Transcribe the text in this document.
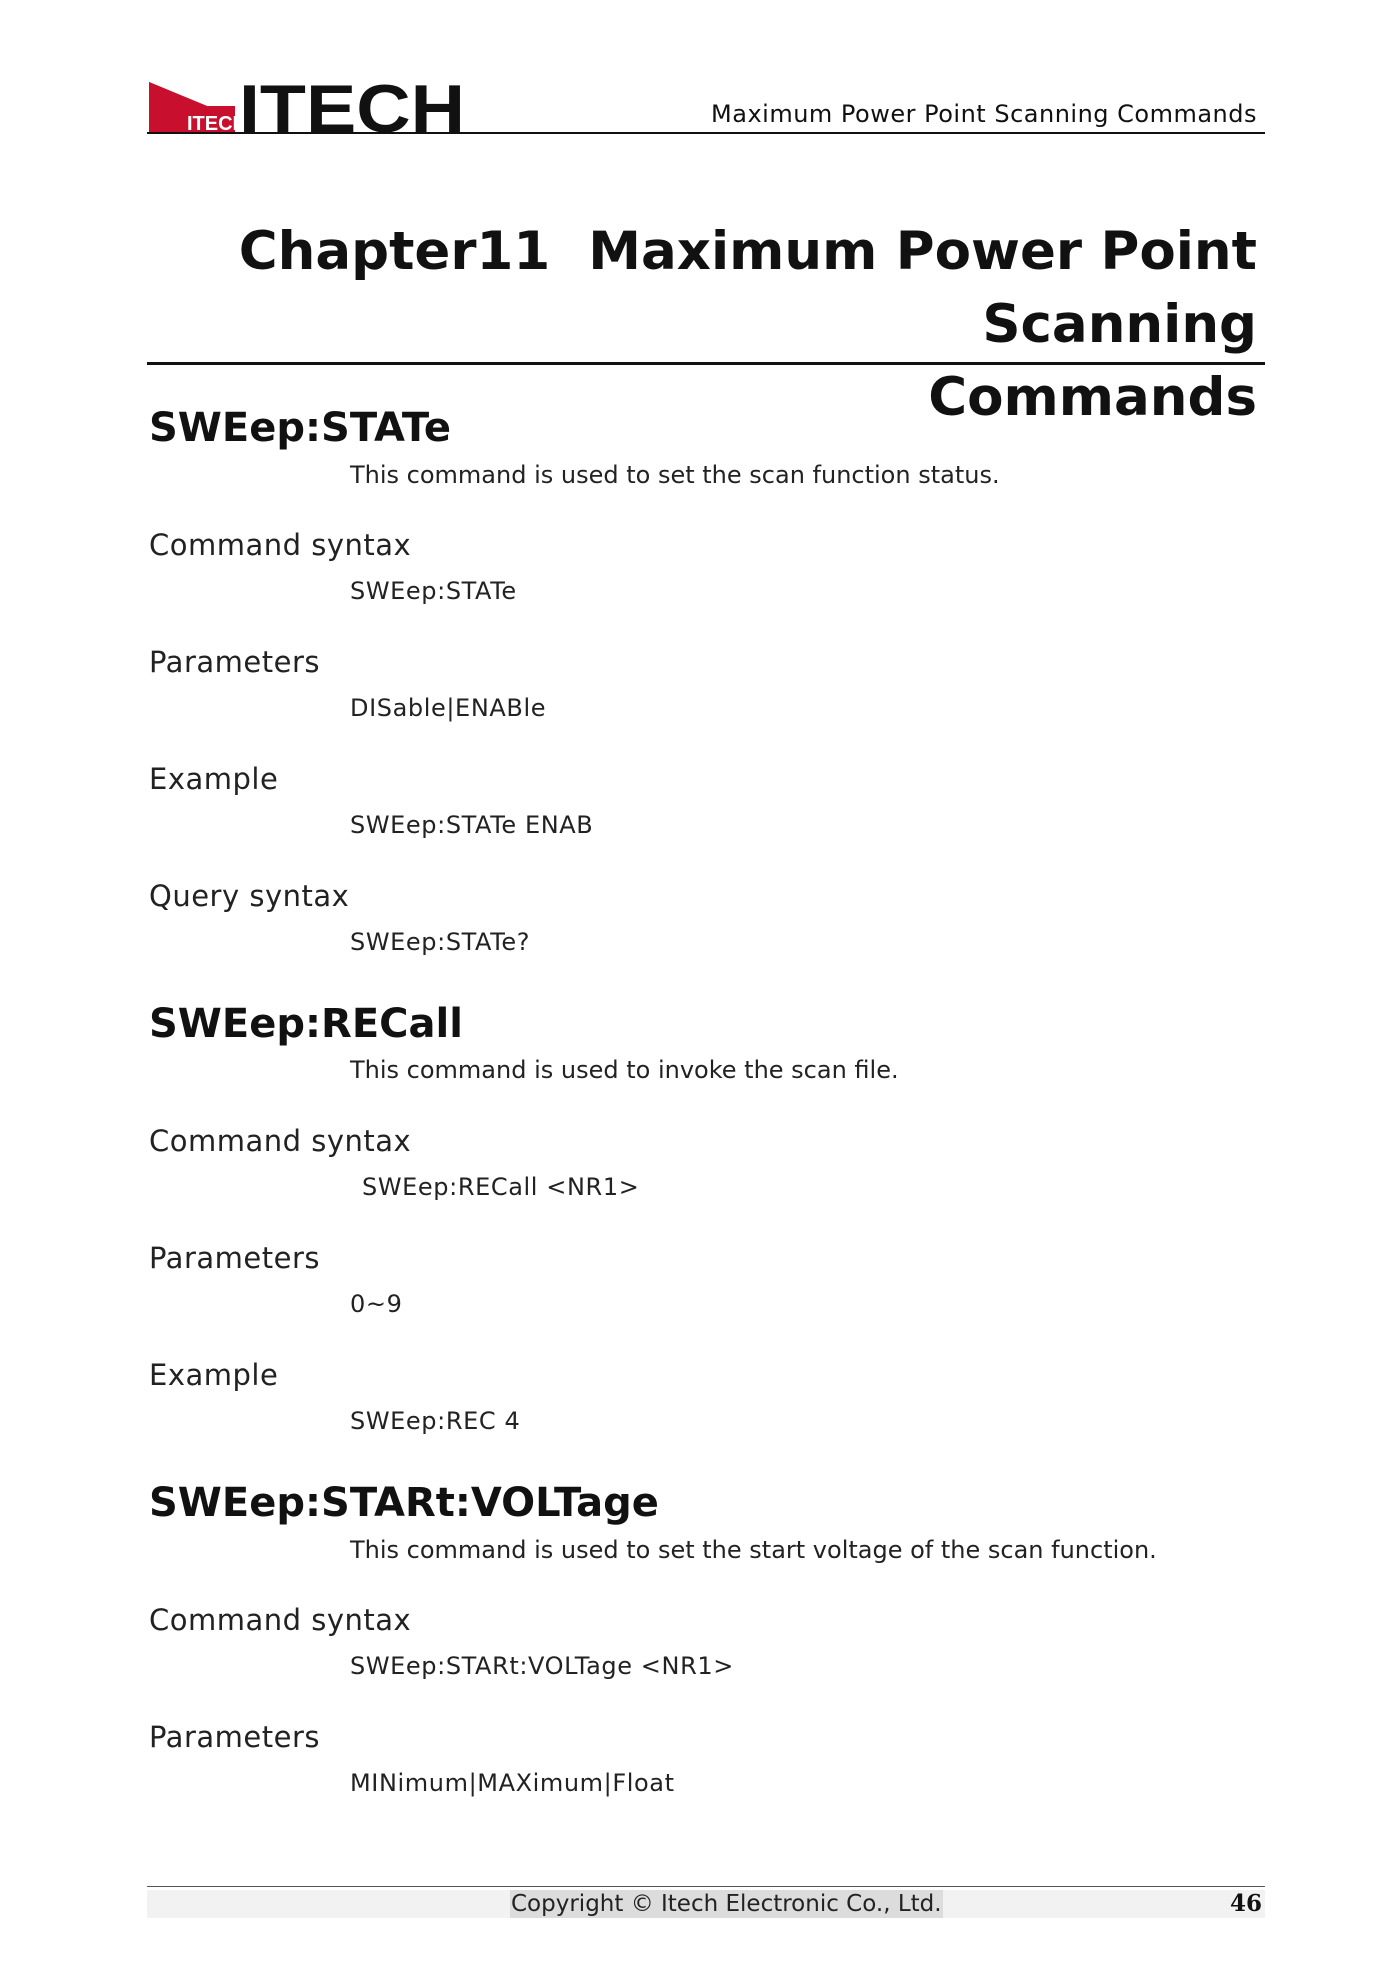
ITECH
ITECH	Maximum Power Point Scanning Commands
Chapter11 Maximum Power Point Scanning
Commands
SWEep:STATe
This command is used to set the scan function status.
Command syntax
SWEep:STATe
Parameters
DISable|ENABle
Example
SWEep:STATe ENAB
Query syntax
SWEep:STATe?
SWEep:RECall
This command is used to invoke the scan file.
Command syntax
SWEep:RECall <NR1>
Parameters
0~9
Example
SWEep:REC 4
SWEep:STARt:VOLTage
This command is used to set the start voltage of the scan function.
Command syntax
SWEep:STARt:VOLTage <NR1>
Parameters
MINimum|MAXimum|Float
Copyright © Itech Electronic Co., Ltd.	46
